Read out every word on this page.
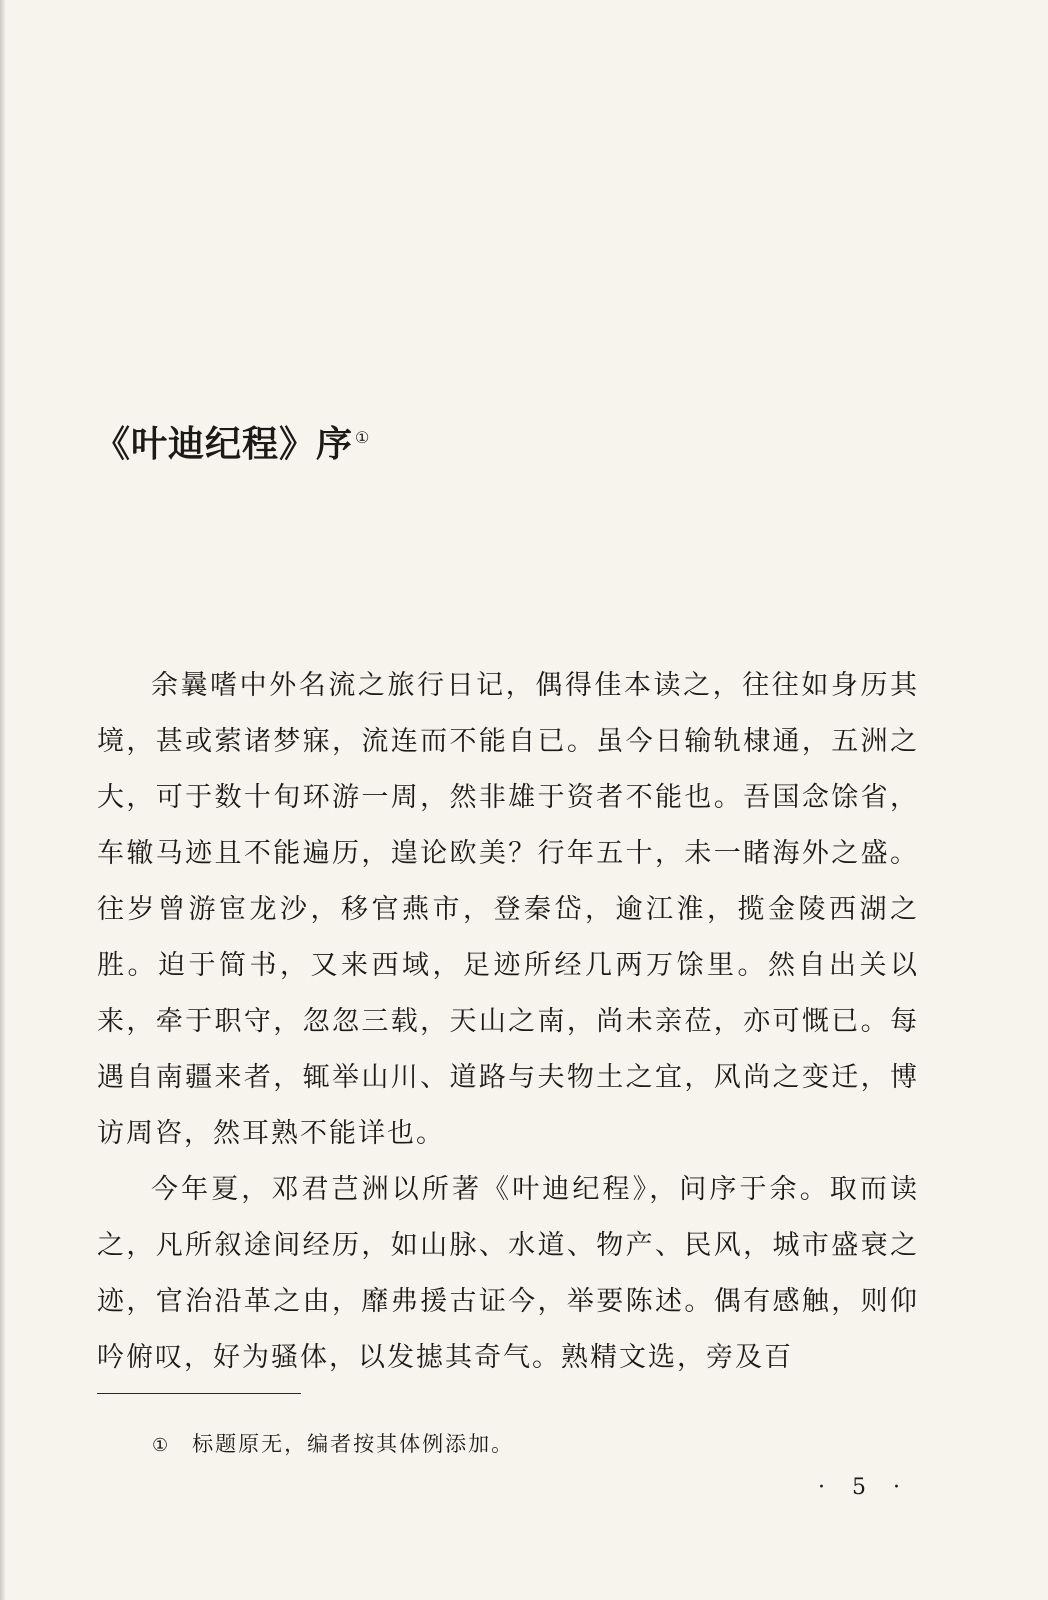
《叶迪纪程》序 ①

余曩嗜中外名流之旅行日记，偶得佳本读之，往往如身历其境，甚或萦诸梦寐，流连而不能自已。虽今日输轨棣通，五洲之大，可于数十旬环游一周，然非雄于资者不能也。吾国念馀省，车辙马迹且不能遍历，遑论欧美？行年五十，未一睹海外之盛。往岁曾游宦龙沙，移官燕市，登秦岱，逾江淮，揽金陵西湖之胜。迫于简书，又来西域，足迹所经几两万馀里。然自出关以来，牵于职守，忽忽三载，天山之南，尚未亲莅，亦可慨已。每遇自南疆来者，辄举山川、道路与夫物土之宜，风尚之变迁，博访周咨，然耳熟不能详也。

今年夏，邓君芑洲以所著《叶迪纪程》，问序于余。取而读之，凡所叙途间经历，如山脉、水道、物产、民风，城市盛衰之迹，官治沿革之由，靡弗援古证今，举要陈述。偶有感触，则仰吟俯叹，好为骚体，以发摅其奇气。熟精文选，旁及百

① 标题原无，编者按其体例添加。
· 5 ·
